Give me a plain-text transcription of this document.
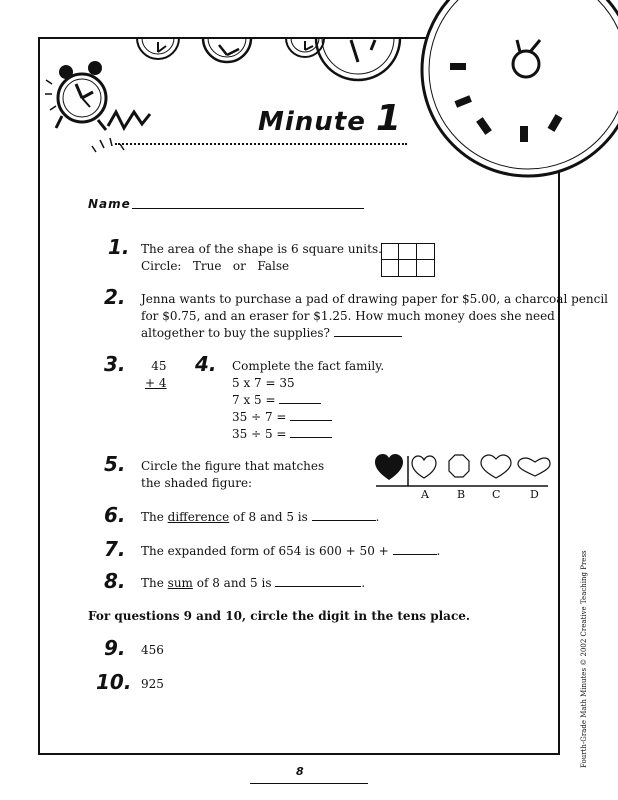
Minute 1
Name
1. The area of the shape is 6 square units.
Circle:   True   or   False
2. Jenna wants to purchase a pad of drawing paper for $5.00, a charcoal pencil
for $0.75, and an eraser for $1.25. How much money does she need
altogether to buy the supplies?
3.	45
+ 4
4. Complete the fact family.
5 x 7 = 35
7 x 5 =
35 ÷ 7 =
35 ÷ 5 =
5. Circle the figure that matches
the shaded figure:
A	B C	D
6. The difference of 8 and 5 is	.
7. The expanded form of 654 is 600 + 50 +	.
8. The sum of 8 and 5 is	.
For questions 9 and 10, circle the digit in the tens place.
9. 456
10. 925
8
Fourth-Grade Math Minutes © 2002 Creative Teaching Press
